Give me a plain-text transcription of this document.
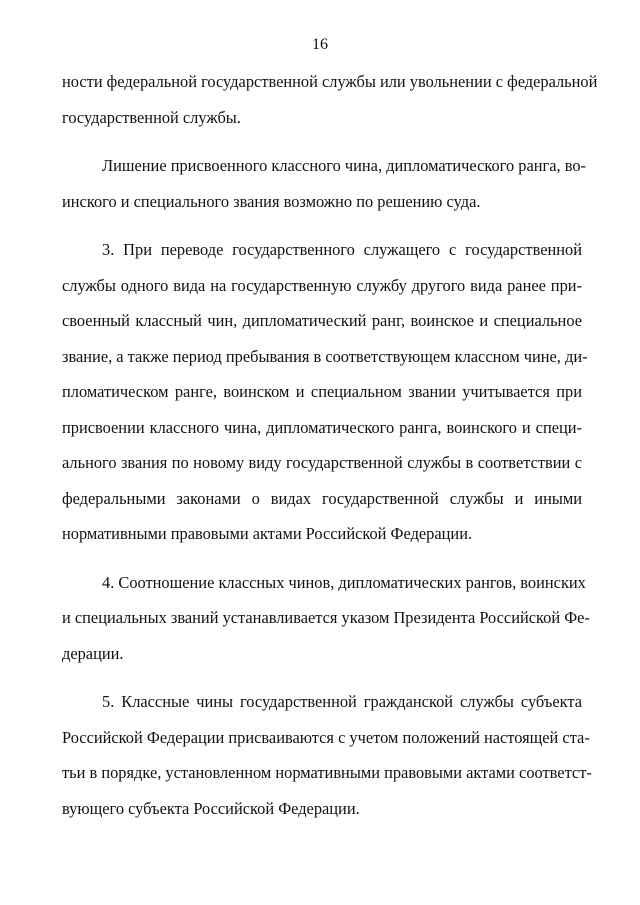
16
ности федеральной государственной службы или увольнении с федеральной
государственной службы.
Лишение присвоенного классного чина, дипломатического ранга, во-
инского и специального звания возможно по решению суда.
3. При переводе государственного служащего с государственной
службы одного вида на государственную службу другого вида ранее при-
своенный классный чин, дипломатический ранг, воинское и специальное
звание, а также период пребывания в соответствующем классном чине, ди-
пломатическом ранге, воинском и специальном звании учитывается при
присвоении классного чина, дипломатического ранга, воинского и специ-
ального звания по новому виду государственной службы в соответствии с
федеральными законами о видах государственной службы и иными
нормативными правовыми актами Российской Федерации.
4. Соотношение классных чинов, дипломатических рангов, воинских
и специальных званий устанавливается указом Президента Российской Фе-
дерации.
5. Классные чины государственной гражданской службы субъекта
Российской Федерации присваиваются с учетом положений настоящей ста-
тьи в порядке, установленном нормативными правовыми актами соответст-
вующего субъекта Российской Федерации.
